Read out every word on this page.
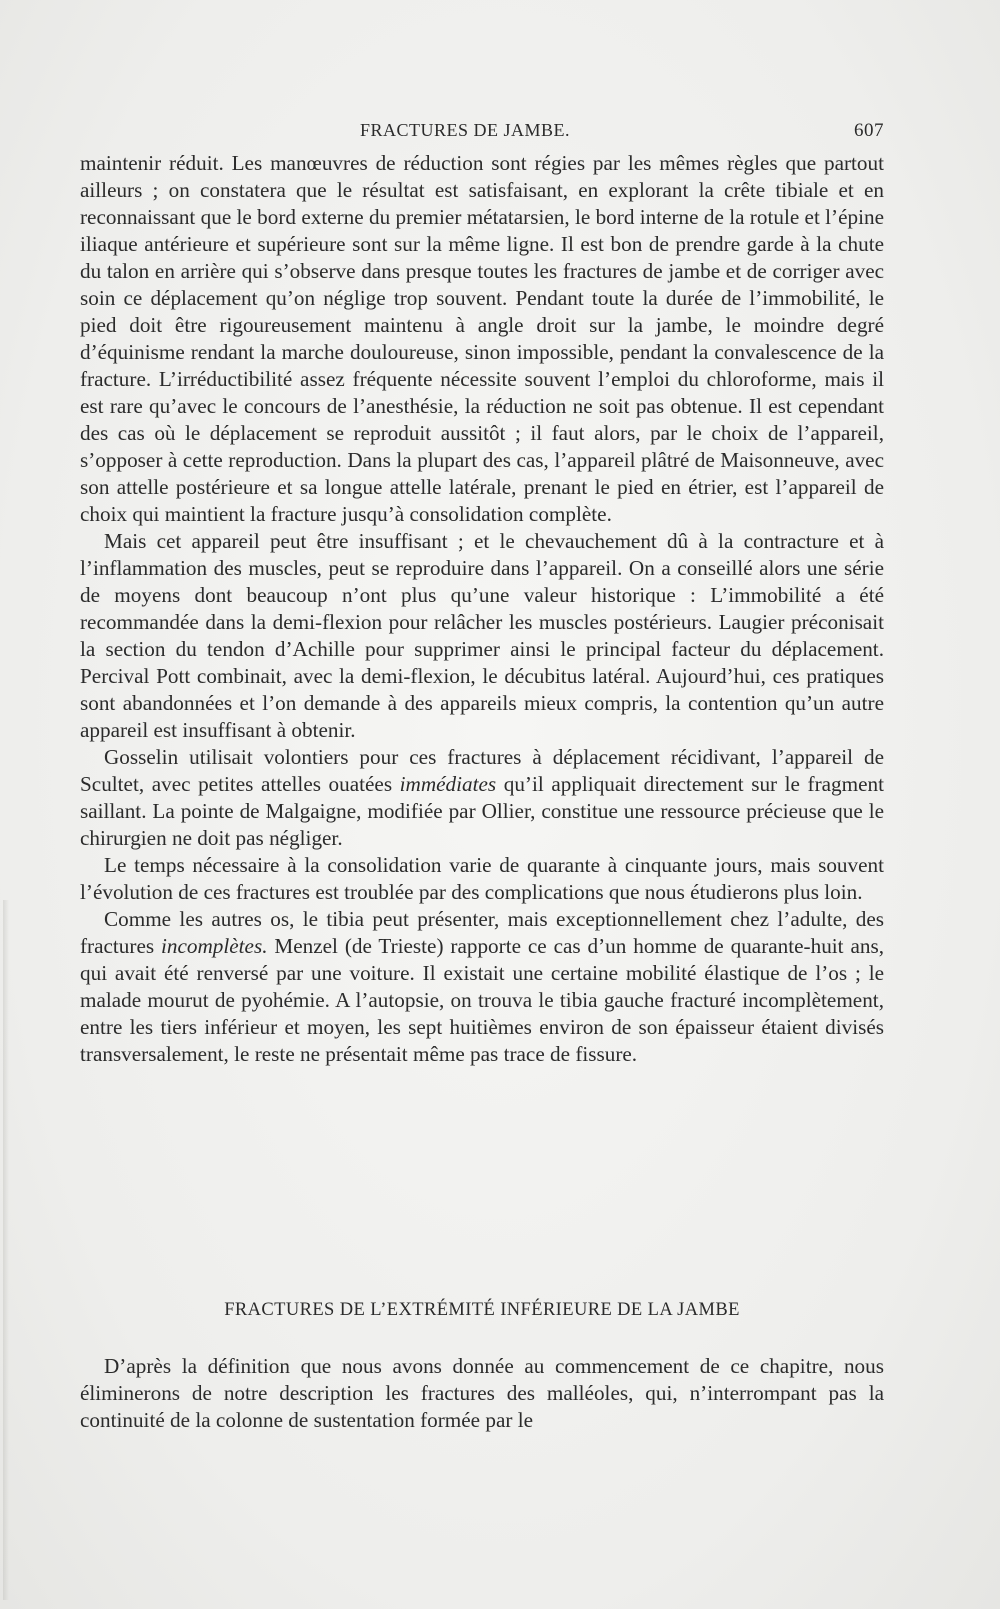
FRACTURES DE JAMBE.	607

maintenir réduit. Les manœuvres de réduction sont régies par les mêmes règles que partout ailleurs ; on constatera que le résultat est satisfaisant, en explorant la crête tibiale et en reconnaissant que le bord externe du premier métatarsien, le bord interne de la rotule et l’épine iliaque antérieure et supérieure sont sur la même ligne. Il est bon de prendre garde à la chute du talon en arrière qui s’observe dans presque toutes les fractures de jambe et de corriger avec soin ce déplacement qu’on néglige trop souvent. Pendant toute la durée de l’immobilité, le pied doit être rigoureusement maintenu à angle droit sur la jambe, le moindre degré d’équinisme rendant la marche douloureuse, sinon impossible, pendant la convalescence de la fracture. L’irréductibilité assez fréquente nécessite souvent l’emploi du chloroforme, mais il est rare qu’avec le concours de l’anesthésie, la réduction ne soit pas obtenue. Il est cependant des cas où le déplacement se reproduit aussitôt ; il faut alors, par le choix de l’appareil, s’opposer à cette reproduction. Dans la plupart des cas, l’appareil plâtré de Maisonneuve, avec son attelle postérieure et sa longue attelle latérale, prenant le pied en étrier, est l’appareil de choix qui maintient la fracture jusqu’à consolidation complète.

Mais cet appareil peut être insuffisant ; et le chevauchement dû à la contracture et à l’inflammation des muscles, peut se reproduire dans l’appareil. On a conseillé alors une série de moyens dont beaucoup n’ont plus qu’une valeur historique : L’immobilité a été recommandée dans la demi-flexion pour relâcher les muscles postérieurs. Laugier préconisait la section du tendon d’Achille pour supprimer ainsi le principal facteur du déplacement. Percival Pott combinait, avec la demi-flexion, le décubitus latéral. Aujourd’hui, ces pratiques sont abandonnées et l’on demande à des appareils mieux compris, la contention qu’un autre appareil est insuffisant à obtenir.

Gosselin utilisait volontiers pour ces fractures à déplacement récidivant, l’appareil de Scultet, avec petites attelles ouatées immédiates qu’il appliquait directement sur le fragment saillant. La pointe de Malgaigne, modifiée par Ollier, constitue une ressource précieuse que le chirurgien ne doit pas négliger.

Le temps nécessaire à la consolidation varie de quarante à cinquante jours, mais souvent l’évolution de ces fractures est troublée par des complications que nous étudierons plus loin.

Comme les autres os, le tibia peut présenter, mais exceptionnellement chez l’adulte, des fractures incomplètes. Menzel (de Trieste) rapporte ce cas d’un homme de quarante-huit ans, qui avait été renversé par une voiture. Il existait une certaine mobilité élastique de l’os ; le malade mourut de pyohémie. A l’autopsie, on trouva le tibia gauche fracturé incomplètement, entre les tiers inférieur et moyen, les sept huitièmes environ de son épaisseur étaient divisés transversalement, le reste ne présentait même pas trace de fissure.

FRACTURES DE L’EXTRÉMITÉ INFÉRIEURE DE LA JAMBE

D’après la définition que nous avons donnée au commencement de ce chapitre, nous éliminerons de notre description les fractures des malléoles, qui, n’interrompant pas la continuité de la colonne de sustentation formée par le
